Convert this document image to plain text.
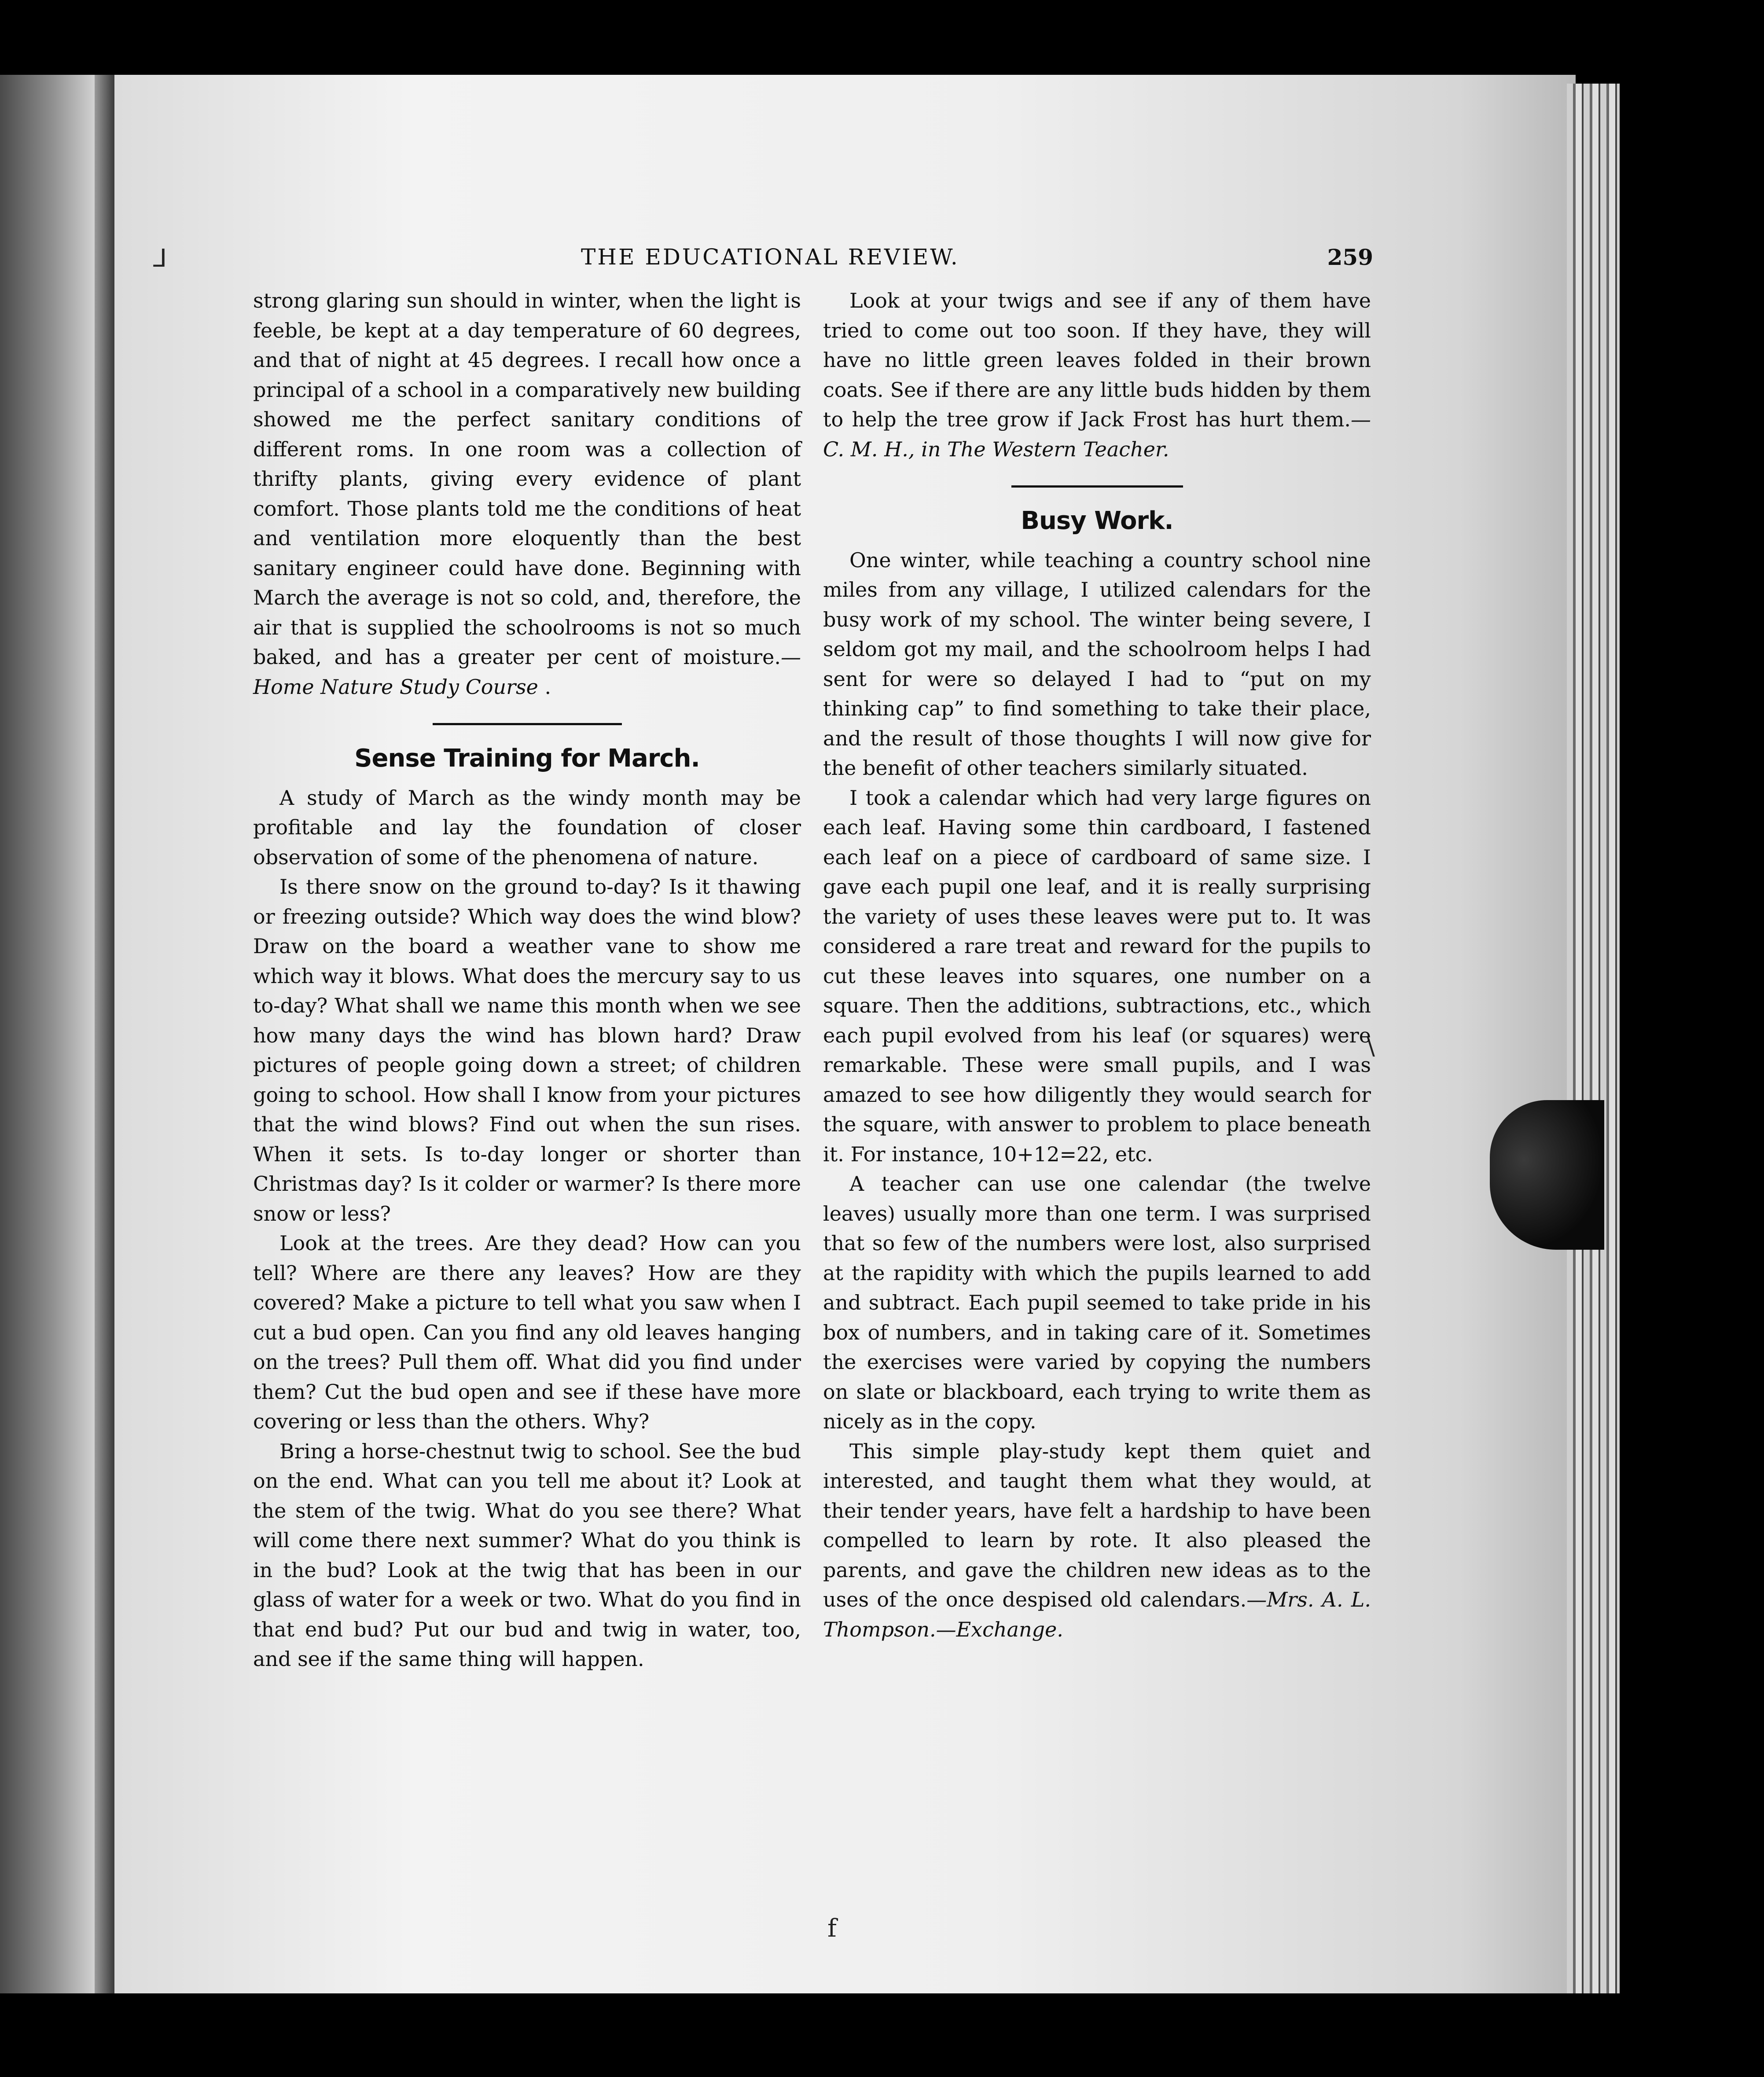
ᒧ
\
f
THE EDUCATIONAL REVIEW.	259

strong glaring sun should in winter, when the light is feeble, be kept at a day temperature of 60 degrees, and that of night at 45 degrees. I recall how once a principal of a school in a comparatively new building showed me the perfect sanitary conditions of different roms. In one room was a collection of thrifty plants, giving every evidence of plant comfort. Those plants told me the conditions of heat and ventilation more eloquently than the best sanitary engineer could have done. Beginning with March the average is not so cold, and, therefore, the air that is supplied the schoolrooms is not so much baked, and has a greater per cent of moisture.—Home Nature Study Course .

Sense Training for March.

A study of March as the windy month may be profitable and lay the foundation of closer observation of some of the phenomena of nature.

Is there snow on the ground to-day? Is it thawing or freezing outside? Which way does the wind blow? Draw on the board a weather vane to show me which way it blows. What does the mercury say to us to-day? What shall we name this month when we see how many days the wind has blown hard? Draw pictures of people going down a street; of children going to school. How shall I know from your pictures that the wind blows? Find out when the sun rises. When it sets. Is to-day longer or shorter than Christmas day? Is it colder or warmer? Is there more snow or less?

Look at the trees. Are they dead? How can you tell? Where are there any leaves? How are they covered? Make a picture to tell what you saw when I cut a bud open. Can you find any old leaves hanging on the trees? Pull them off. What did you find under them? Cut the bud open and see if these have more covering or less than the others. Why?

Bring a horse-chestnut twig to school. See the bud on the end. What can you tell me about it? Look at the stem of the twig. What do you see there? What will come there next summer? What do you think is in the bud? Look at the twig that has been in our glass of water for a week or two. What do you find in that end bud? Put our bud and twig in water, too, and see if the same thing will happen.

Look at your twigs and see if any of them have tried to come out too soon. If they have, they will have no little green leaves folded in their brown coats. See if there are any little buds hidden by them to help the tree grow if Jack Frost has hurt them.—C. M. H., in The Western Teacher.

Busy Work.

One winter, while teaching a country school nine miles from any village, I utilized calendars for the busy work of my school. The winter being severe, I seldom got my mail, and the schoolroom helps I had sent for were so delayed I had to “put on my thinking cap” to find something to take their place, and the result of those thoughts I will now give for the benefit of other teachers similarly situated.

I took a calendar which had very large figures on each leaf. Having some thin cardboard, I fastened each leaf on a piece of cardboard of same size. I gave each pupil one leaf, and it is really surprising the variety of uses these leaves were put to. It was considered a rare treat and reward for the pupils to cut these leaves into squares, one number on a square. Then the additions, subtractions, etc., which each pupil evolved from his leaf (or squares) were remarkable. These were small pupils, and I was amazed to see how diligently they would search for the square, with answer to problem to place beneath it. For instance, 10+12=22, etc.

A teacher can use one calendar (the twelve leaves) usually more than one term. I was surprised that so few of the numbers were lost, also surprised at the rapidity with which the pupils learned to add and subtract. Each pupil seemed to take pride in his box of numbers, and in taking care of it. Sometimes the exercises were varied by copying the numbers on slate or blackboard, each trying to write them as nicely as in the copy.

This simple play-study kept them quiet and interested, and taught them what they would, at their tender years, have felt a hardship to have been compelled to learn by rote. It also pleased the parents, and gave the children new ideas as to the uses of the once despised old calendars.—Mrs. A. L. Thompson.—Exchange.
